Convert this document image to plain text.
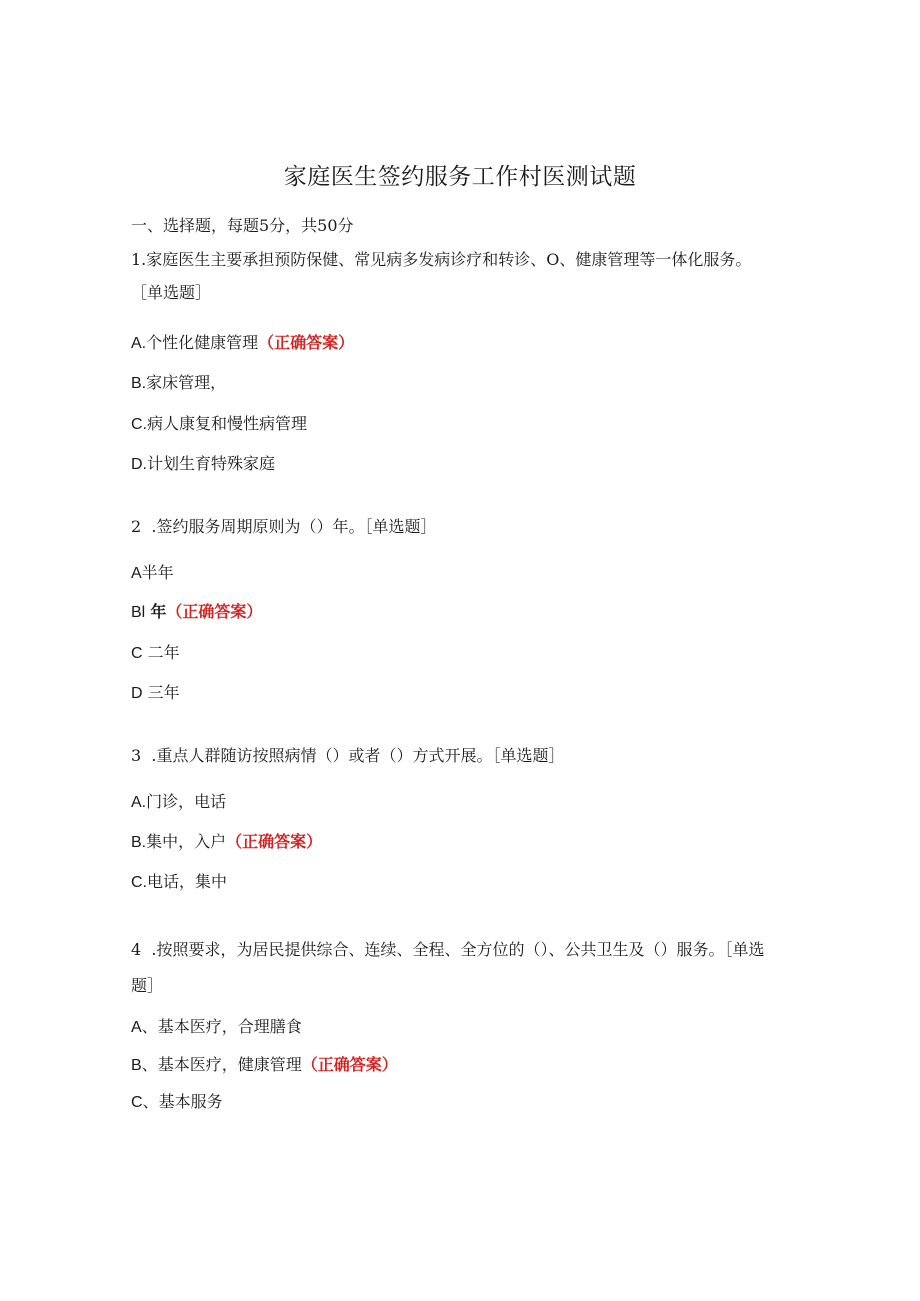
家庭医生签约服务工作村医测试题
一、选择题，每题5分，共50分
1.家庭医生主要承担预防保健、常见病多发病诊疗和转诊、O、健康管理等一体化服务。［单选题］
A.个性化健康管理（正确答案）
B.家床管理，
C.病人康复和慢性病管理
D.计划生育特殊家庭
2 .签约服务周期原则为（）年。［单选题］
A半年
Bl 年（正确答案）
C 二年
D 三年
3 .重点人群随访按照病情（）或者（）方式开展。［单选题］
A.门诊，电话
B.集中，入户（正确答案）
C.电话，集中
4 .按照要求，为居民提供综合、连续、全程、全方位的（）、公共卫生及（）服务。［单选题］
A、基本医疗，合理膳食
B、基本医疗，健康管理（正确答案）
C、基本服务
